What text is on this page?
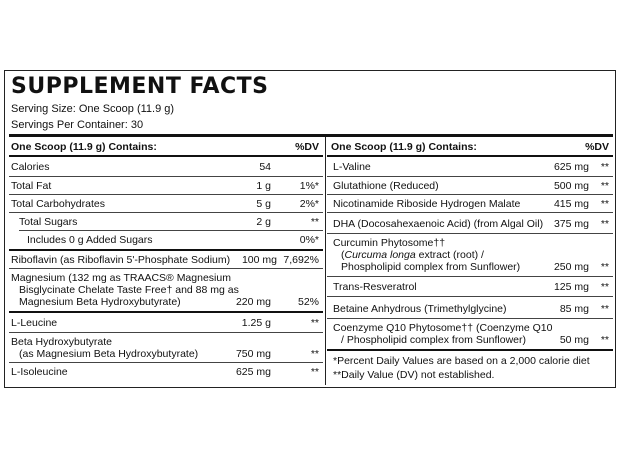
SUPPLEMENT FACTS
Serving Size: One Scoop (11.9 g)
Servings Per Container: 30
One Scoop (11.9 g) Contains:	%DV
Calories	54
Total Fat	1 g	1%*
Total Carbohydrates	5 g	2%*
Total Sugars	2 g	**
Includes 0 g Added Sugars	0%*
Riboflavin (as Riboflavin 5'-Phosphate Sodium)	100 mg 7,692%
Magnesium (132 mg as TRAACS® Magnesium
Bisglycinate Chelate Taste Free† and 88 mg as
Magnesium Beta Hydroxybutyrate)	220 mg	52%
L-Leucine	1.25 g	**
Beta Hydroxybutyrate
(as Magnesium Beta Hydroxybutyrate)	750 mg	**
L-Isoleucine	625 mg	**
One Scoop (11.9 g) Contains:	%DV
L-Valine	625 mg	**
Glutathione (Reduced)	500 mg	**
Nicotinamide Riboside Hydrogen Malate	415 mg	**
DHA (Docosahexaenoic Acid) (from Algal Oil)	375 mg	**
Curcumin Phytosome††
(Curcuma longa extract (root) /
Phospholipid complex from Sunflower)	250 mg	**
Trans-Resveratrol	125 mg	**
Betaine Anhydrous (Trimethylglycine)	85 mg	**
Coenzyme Q10 Phytosome†† (Coenzyme Q10
/ Phospholipid complex from Sunflower)	50 mg	**
*Percent Daily Values are based on a 2,000 calorie diet
**Daily Value (DV) not established.
